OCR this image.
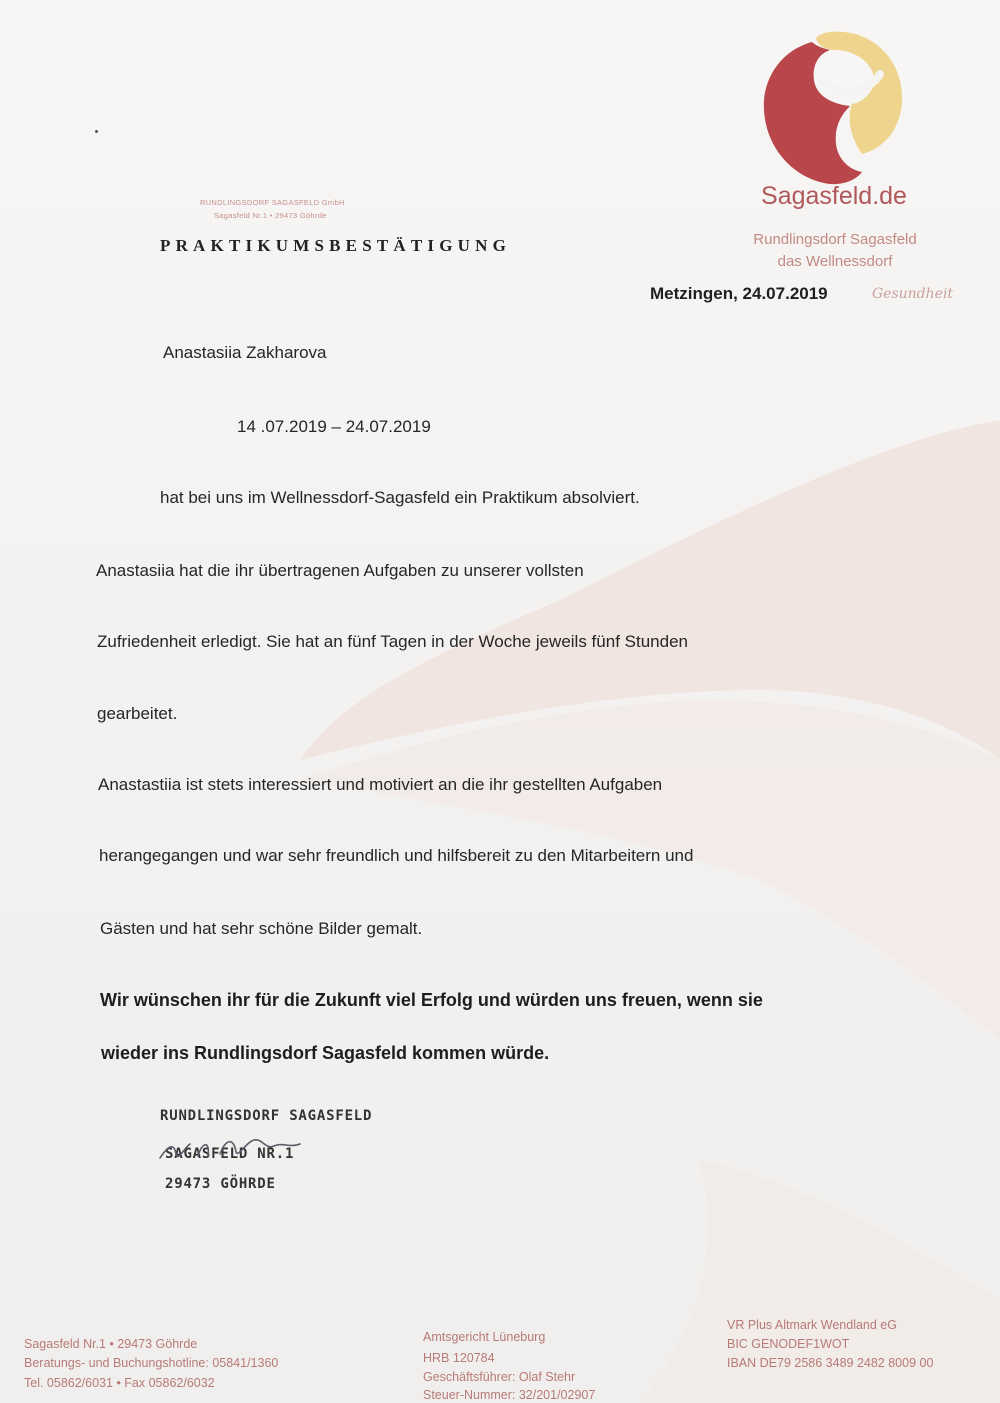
RUNDLINGSDORF SAGASFELD GmbH
Sagasfeld Nr.1 • 29473 Göhrde
PRAKTIKUMSBESTÄTIGUNG
Sagasfeld.de
Rundlingsdorf Sagasfeld
das Wellnessdorf
Metzingen, 24.07.2019	Gesundheit
Anastasiia Zakharova
14 .07.2019 – 24.07.2019
hat bei uns im Wellnessdorf-Sagasfeld ein Praktikum absolviert.
Anastasiia hat die ihr übertragenen Aufgaben zu unserer vollsten
Zufriedenheit erledigt. Sie hat an fünf Tagen in der Woche jeweils fünf Stunden
gearbeitet.
Anastastiia ist stets interessiert und motiviert an die ihr gestellten Aufgaben
herangegangen und war sehr freundlich und hilfsbereit zu den Mitarbeitern und
Gästen und hat sehr schöne Bilder gemalt.
Wir wünschen ihr für die Zukunft viel Erfolg und würden uns freuen, wenn sie
wieder ins Rundlingsdorf Sagasfeld kommen würde.
RUNDLINGSDORF SAGASFELD
SAGASFELD NR.1
29473 GÖHRDE
Sagasfeld Nr.1 • 29473 Göhrde
Beratungs- und Buchungshotline: 05841/1360
Tel. 05862/6031 • Fax 05862/6032
Amtsgericht Lüneburg
HRB 120784
Geschäftsführer: Olaf Stehr
Steuer-Nummer: 32/201/02907
VR Plus Altmark Wendland eG
BIC GENODEF1WOT
IBAN DE79 2586 3489 2482 8009 00
